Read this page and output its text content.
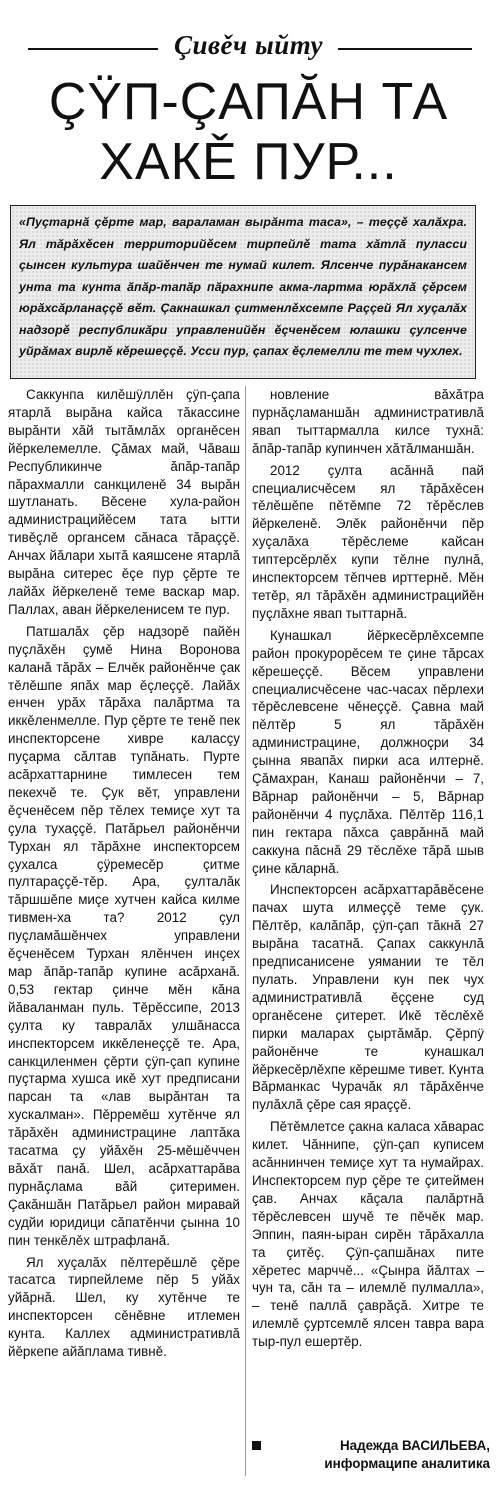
Çивěч ыйту
ÇŸП-ÇАПĂН ТА
ХАКĚ ПУР...
«Пуçтарнă çěрте мар, вараламан вырăнта таса», – теççě халăхра. Ял тăрăхěсен территорийěсем тирпейлě тата хăтлă пуласси çынсен культура шайěнчен те нумай килет. Ялсенче пурăнакансем унта та кунта ăпăр-тапăр пăрахнипе акма-лартма юрăхлă çěрсем юрăхсăрланаççě вěт. Çакнашкал çитменлěхсемпе Раççей Ял хуçалăх надзорě республикăри управленийěн ěçченěсем юлашки çулсенче уйрăмах вирлě кěрешеççě. Усси пур, çапах ěçлемелли те тем чухлех.

Саккунпа килěшÿллěн çÿп-çапа ятарлă вырăна кайса тăкассине вырăнти хăй тытăмлăх органěсен йěркелемелле. Çăмах май, Чăваш Республикинче ăпăр-тапăр пăрахмалли санкциленě 34 вырăн шутланать. Вěсене хула-район администрацийěсем тата ытти тивěçлě органсем сăнаса тăраççě. Анчах йăлари хытă каяшсене ятарлă вырăна ситерес ěçе пур çěрте те лайăх йěркеленě теме васкар мар. Паллах, аван йěркеленисем те пур.

Патшалăх çěр надзорě пайěн пуçлăхěн çумě Нина Воронова каланă тăрăх – Елчěк районěнче çак тěлěшпе япăх мар ěçлеççě. Лайăх енчен урăх тăрăха палăртма та иккěленмелле. Пур çěрте те тенě пек инспекторсене хивре каласçу пуçарма сăлтав тупăнать. Пурте асăрхаттарнине тимлесен тем пекехчě те. Çук вěт, управлени ěçченěсем пěр тěлех темиçе хут та çула тухаççě. Патăрьел районěнчи Турхан ял тăрăхне инспекторсем çухалса çÿремесěр çитме пултараççě-тěр. Ара, çулталăк тăршшěпе миçе хутчен кайса килме тивмен-ха та? 2012 çул пуçламăшěнчех управлени ěçченěсем Турхан ялěнчен инçех мар ăпăр-тапăр купине асăрханă. 0,53 гектар çинче мěн кăна йăваланман пуль. Тěрěссипе, 2013 çулта ку тавралăх улшăнасса инспекторсем иккěленеççě те. Ара, санкциленмен çěрти çÿп-çап купине пуçтарма хушса икě хут предписани парсан та «лав вырăнтан та хускалман». Пěрремěш хутěнче ял тăрăхěн администрацине лаптăка тасатма çу уйăхěн 25-мěшěччен вăхăт панă. Шел, асăрхаттарăва пурнăçлама вăй çитеримен. Çакăншăн Патăрьел район миравай судйи юридици сăпатěнчи çынна 10 пин тенкěлěх штрафланă.

Ял хуçалăх пěлтерěшлě çěре тасатса тирпейлеме пěр 5 уйăх уйăрнă. Шел, ку хутěнче те инспекторсен сěнěвне итлемен кунта. Каллех административлă йěркепе айăплама тивнě.

новление вăхăтра пурнăçламаншăн административлă явап тыттармалла килсе тухнă: ăпăр-тапăр купинчен хăтăлманшăн.

2012 çулта асăннă пай специалисчěсем ял тăрăхěсен тěлěшěпе пěтěмпе 72 тěрěслев йěркеленě. Элěк районěнчи пěр хуçалăха тěрěслеме кайсан типтерсěрлěх купи тěлне пулнă, инспекторсем тěпчев ирттернě. Мěн тетěр, ял тăрăхěн администрацийěн пуçлăхне явап тыттарнă.

Кунашкал йěркесěрлěхсемпе район прокурорěсем те çине тăрсах кěрешеççě. Вěсем управлени специалисчěсене час-часах пěрлехи тěрěслевсене чěнеççě. Çавна май пěлтěр 5 ял тăрăхěн администрацине, должноçри 34 çынна явапăх пирки аса илтернě. Çăмахран, Канаш районěнчи – 7, Вăрнар районěнчи – 5, Вăрнар районěнчи 4 пуçлăха. Пěлтěр 116,1 пин гектара пăхса çаврăннă май саккуна пăснă 29 тěслěхе тăрă шыв çине кăларнă.

Инспекторсен асăрхаттарăвěсене пачах шута илмеççě теме çук. Пěлтěр, калăпăр, çÿп-çап тăкнă 27 вырăна тасатнă. Çапах саккунлă предписанисене уямании те тěл пулать. Управлени кун пек чух административлă ěççене суд органěсене çитерет. Икě тěслěхě пирки маларах çыртăмăр. Çěрпÿ районěнче те кунашкал йěркесěрлěхпе кěрешме тивет. Кунта Вăрманкас Чурачăк ял тăрăхěнче пулăхлă çěре сая яраççě.

Пěтěмлетсе çакна каласа хăварас килет. Чăннипе, çÿп-çап куписем асăннинчен темиçе хут та нумайрах. Инспекторсем пур çěре те çитеймен çав. Анчах кăçала палăртнă тěрěслевсен шучě те пěчěк мар. Эппин, паян-ыран сирěн тăрăхалла та çитěç. Çÿп-çапшăнах пите хěретес марччě... «Çынра йăлтах – чун та, сăн та – илемлě пулмалла», – тенě паллă çаврăçă. Хитре те илемлě çуртсемлě ялсен тавра вара тыр-пул ешертěр.

Надежда ВАСИЛЬЕВА,
информаципе аналитика
